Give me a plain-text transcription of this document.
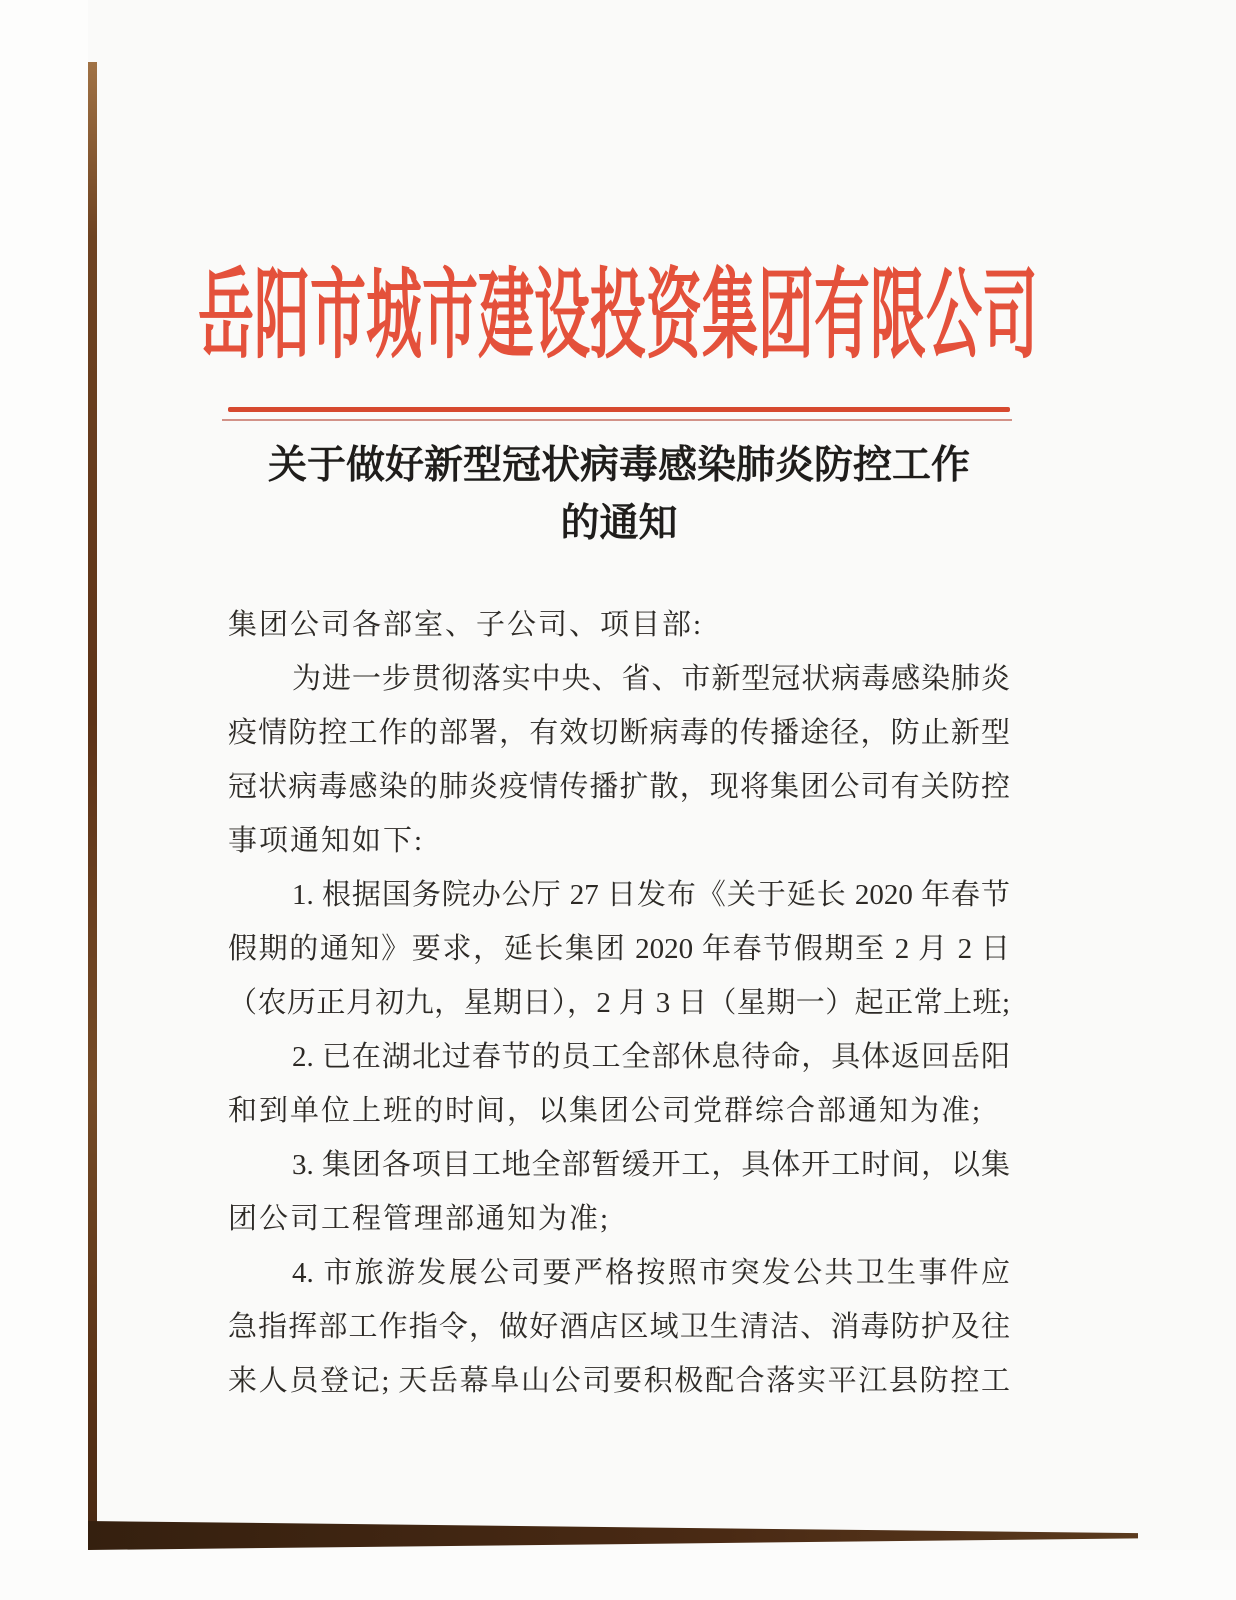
岳阳市城市建设投资集团有限公司
关于做好新型冠状病毒感染肺炎防控工作
的通知
集团公司各部室、子公司、项目部:
为进一步贯彻落实中央、省、市新型冠状病毒感染肺炎
疫情防控工作的部署，有效切断病毒的传播途径，防止新型
冠状病毒感染的肺炎疫情传播扩散，现将集团公司有关防控
事项通知如下:
1. 根据国务院办公厅 27 日发布《关于延长 2020 年春节
假期的通知》要求，延长集团 2020 年春节假期至 2 月 2 日
（农历正月初九，星期日），2 月 3 日（星期一）起正常上班;
2. 已在湖北过春节的员工全部休息待命，具体返回岳阳
和到单位上班的时间，以集团公司党群综合部通知为准;
3. 集团各项目工地全部暂缓开工，具体开工时间，以集
团公司工程管理部通知为准;
4. 市旅游发展公司要严格按照市突发公共卫生事件应
急指挥部工作指令，做好酒店区域卫生清洁、消毒防护及往
来人员登记; 天岳幕阜山公司要积极配合落实平江县防控工
